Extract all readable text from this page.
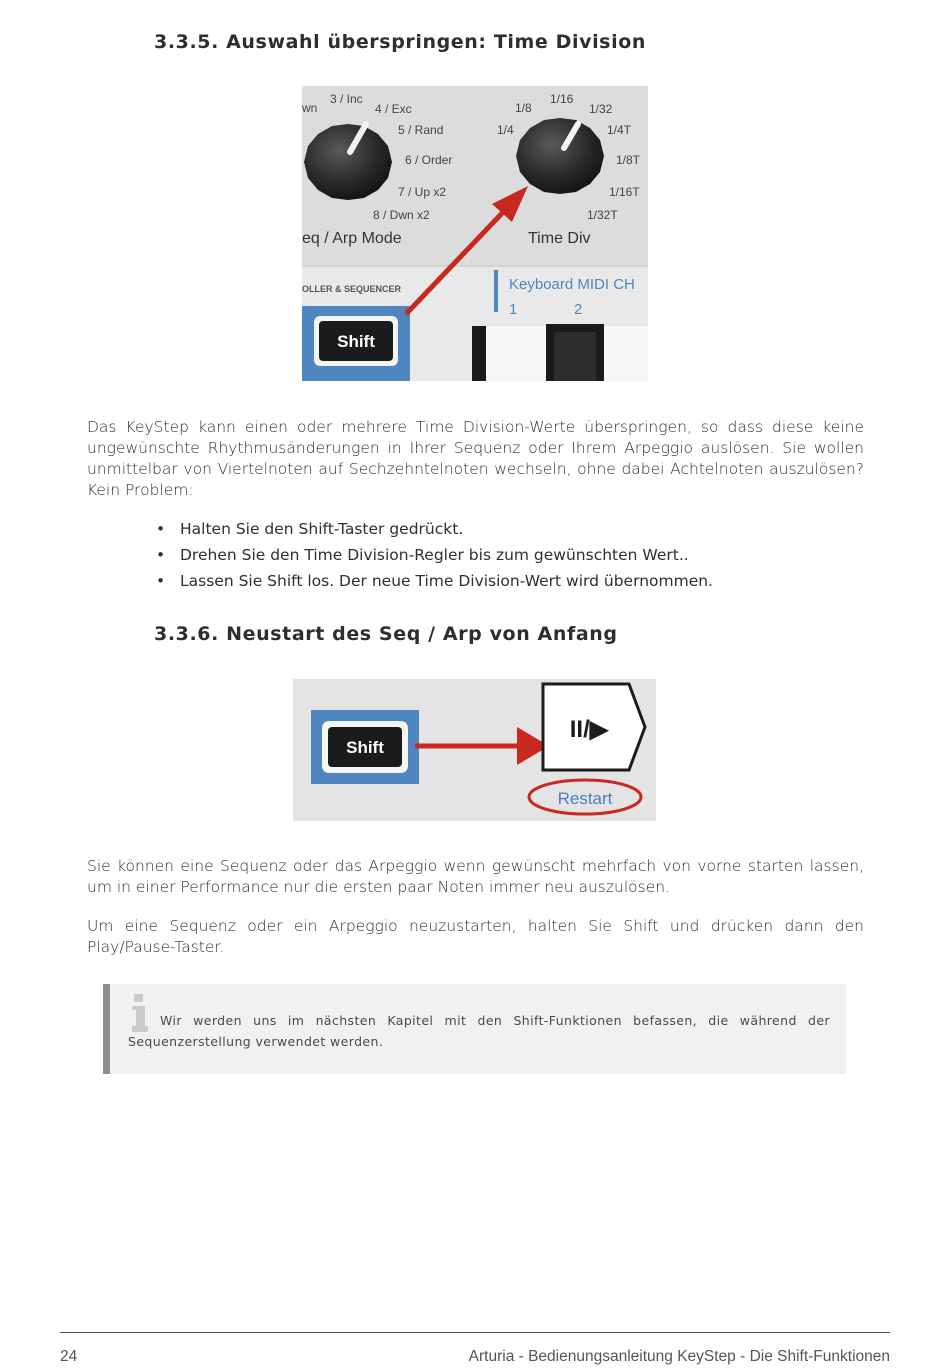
3.3.5. Auswahl überspringen: Time Division
wn
3 / Inc
4 / Exc
5 / Rand
6 / Order
7 / Up x2
8 / Dwn x2
eq / Arp Mode
1/8
1/16
1/32
1/4	1/4T
1/8T
1/16T
1/32T
Time Div
OLLER & SEQUENCER	Keyboard MIDI CH
1	2
Shift

Das KeyStep kann einen oder mehrere Time Division-Werte überspringen, so dass diese keine ungewünschte Rhythmusänderungen in Ihrer Sequenz oder Ihrem Arpeggio auslösen. Sie wollen unmittelbar von Viertelnoten auf Sechzehntelnoten wechseln, ohne dabei Achtelnoten auszulösen? Kein Problem:

• Halten Sie den Shift-Taster gedrückt.
• Drehen Sie den Time Division-Regler bis zum gewünschten Wert..
• Lassen Sie Shift los. Der neue Time Division-Wert wird übernommen.
3.3.6. Neustart des Seq / Arp von Anfang
Shift
II/▶
Restart

Sie können eine Sequenz oder das Arpeggio wenn gewünscht mehrfach von vorne starten lassen, um in einer Performance nur die ersten paar Noten immer neu auszulösen.

Um eine Sequenz oder ein Arpeggio neuzustarten, halten Sie Shift und drücken dann den Play/Pause-Taster.

Wir werden uns im nächsten Kapitel mit den Shift-Funktionen befassen, die während der Sequenzerstellung verwendet werden.

24	Arturia - Bedienungsanleitung KeyStep - Die Shift-Funktionen
